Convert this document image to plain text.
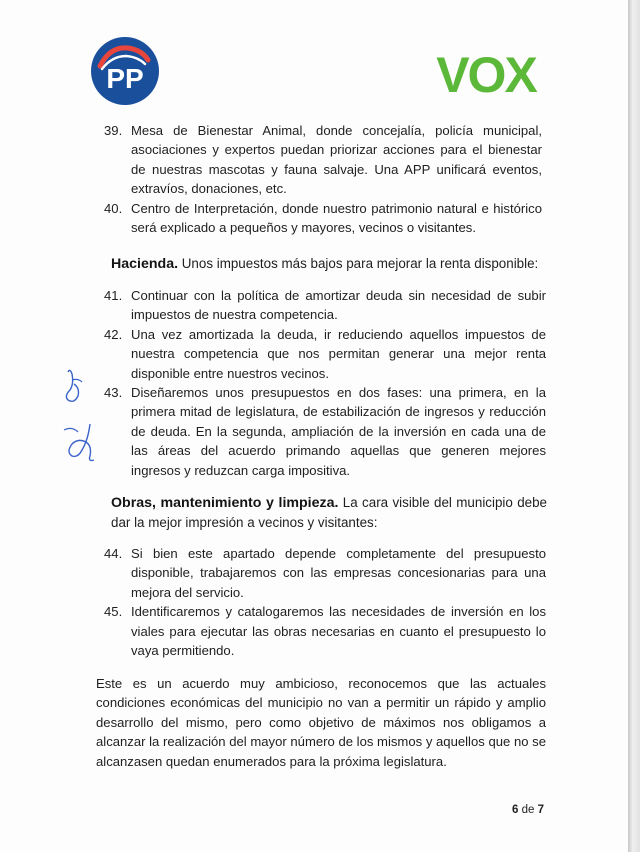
PP	VOX
39. Mesa de Bienestar Animal, donde concejalía, policía municipal, asociaciones y expertos puedan priorizar acciones para el bienestar de nuestras mascotas y fauna salvaje. Una APP unificará eventos, extravíos, donaciones, etc.
40. Centro de Interpretación, donde nuestro patrimonio natural e histórico será explicado a pequeños y mayores, vecinos o visitantes.
Hacienda. Unos impuestos más bajos para mejorar la renta disponible:
41. Continuar con la política de amortizar deuda sin necesidad de subir impuestos de nuestra competencia.
42. Una vez amortizada la deuda, ir reduciendo aquellos impuestos de nuestra competencia que nos permitan generar una mejor renta disponible entre nuestros vecinos.
43. Diseñaremos unos presupuestos en dos fases: una primera, en la primera mitad de legislatura, de estabilización de ingresos y reducción de deuda. En la segunda, ampliación de la inversión en cada una de las áreas del acuerdo primando aquellas que generen mejores ingresos y reduzcan carga impositiva.
Obras, mantenimiento y limpieza. La cara visible del municipio debe dar la mejor impresión a vecinos y visitantes:
44. Si bien este apartado depende completamente del presupuesto disponible, trabajaremos con las empresas concesionarias para una mejora del servicio.
45. Identificaremos y catalogaremos las necesidades de inversión en los viales para ejecutar las obras necesarias en cuanto el presupuesto lo vaya permitiendo.
Este es un acuerdo muy ambicioso, reconocemos que las actuales condiciones económicas del municipio no van a permitir un rápido y amplio desarrollo del mismo, pero como objetivo de máximos nos obligamos a alcanzar la realización del mayor número de los mismos y aquellos que no se alcanzasen quedan enumerados para la próxima legislatura.
6 de 7
